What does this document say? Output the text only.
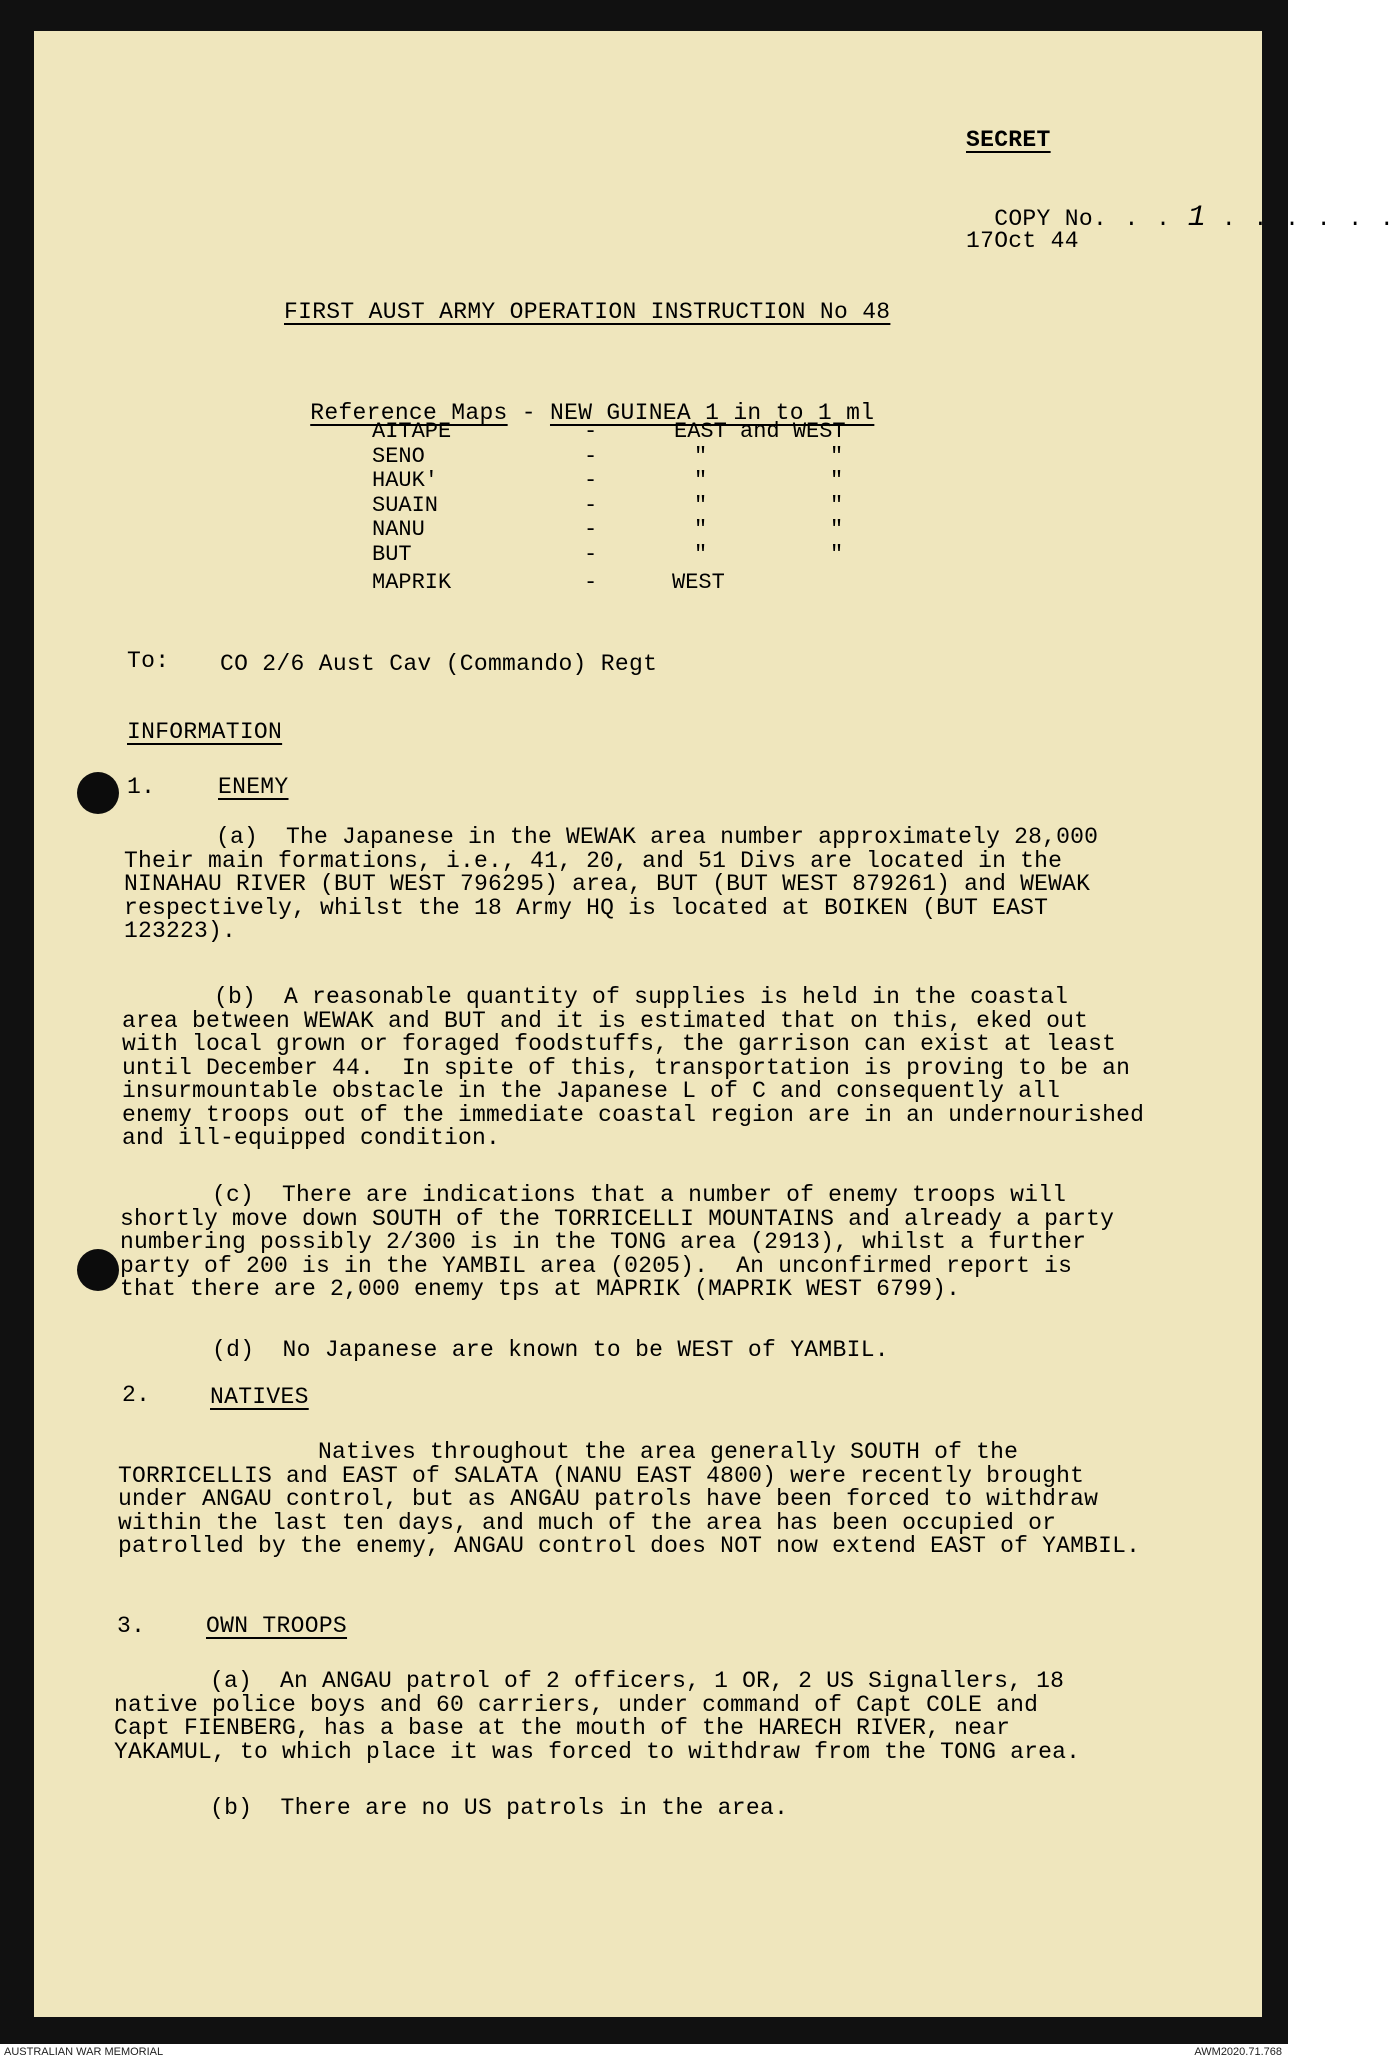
SECRET

COPY No. . . 1 . . . . . .

17Oct 44
FIRST AUST ARMY OPERATION INSTRUCTION No 48

Reference Maps - NEW GUINEA 1 in to 1 ml

AITAPE	-	EAST and WEST
SENO	-	"	"
HAUK'	-	"	"
SUAIN	-	"	"
NANU	-	"	"
BUT	-	"	"
MAPRIK	-	WEST
To: CO 2/6 Aust Cav (Commando) Regt
INFORMATION
1.	ENEMY
(a)  The Japanese in the WEWAK area number approximately 28,000
Their main formations, i.e., 41, 20, and 51 Divs are located in the
NINAHAU RIVER (BUT WEST 796295) area, BUT (BUT WEST 879261) and WEWAK
respectively, whilst the 18 Army HQ is located at BOIKEN (BUT EAST
123223).
(b)  A reasonable quantity of supplies is held in the coastal
area between WEWAK and BUT and it is estimated that on this, eked out
with local grown or foraged foodstuffs, the garrison can exist at least
until December 44.  In spite of this, transportation is proving to be an
insurmountable obstacle in the Japanese L of C and consequently all
enemy troops out of the immediate coastal region are in an undernourished
and ill-equipped condition.
(c)  There are indications that a number of enemy troops will
shortly move down SOUTH of the TORRICELLI MOUNTAINS and already a party
numbering possibly 2/300 is in the TONG area (2913), whilst a further
party of 200 is in the YAMBIL area (0205).  An unconfirmed report is
that there are 2,000 enemy tps at MAPRIK (MAPRIK WEST 6799).
(d)  No Japanese are known to be WEST of YAMBIL.
2.	NATIVES
Natives throughout the area generally SOUTH of the
TORRICELLIS and EAST of SALATA (NANU EAST 4800) were recently brought
under ANGAU control, but as ANGAU patrols have been forced to withdraw
within the last ten days, and much of the area has been occupied or
patrolled by the enemy, ANGAU control does NOT now extend EAST of YAMBIL.
3.	OWN TROOPS
(a)  An ANGAU patrol of 2 officers, 1 OR, 2 US Signallers, 18
native police boys and 60 carriers, under command of Capt COLE and
Capt FIENBERG, has a base at the mouth of the HARECH RIVER, near
YAKAMUL, to which place it was forced to withdraw from the TONG area.
(b)  There are no US patrols in the area.
AUSTRALIAN WAR MEMORIAL	AWM2020.71.768
